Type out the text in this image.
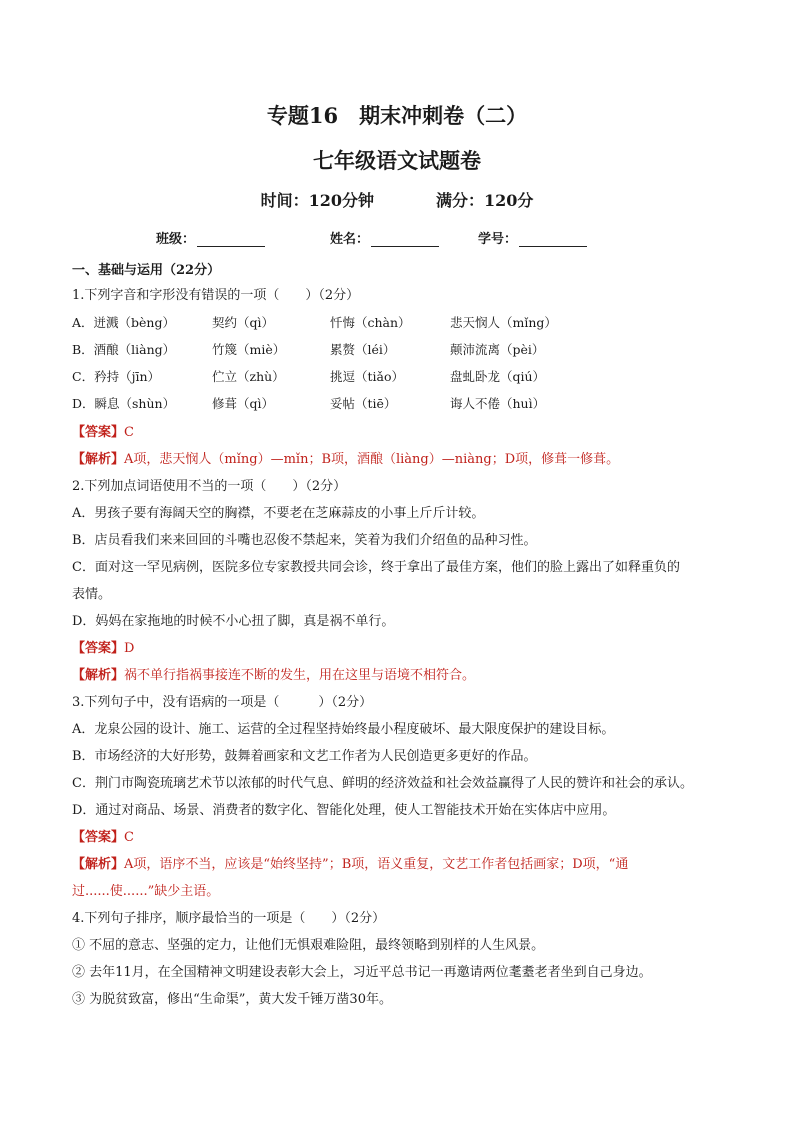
专题16　期末冲刺卷（二）
七年级语文试题卷
时间：120分钟	满分：120分
班级：	姓名：	学号：
一、基础与运用（22分）
1.下列字音和字形没有错误的一项（　　）（2分）
A．迸溅（bèng）	契约（qì）	忏悔（chàn）	悲天悯人（mǐng）
B．酒酿（liàng）	竹篾（miè）	累赘（léi）	颠沛流离（pèi）
C．矜持（jīn）	伫立（zhù）	挑逗（tiǎo）	盘虬卧龙（qiú）
D．瞬息（shùn）	修葺（qì）	妥帖（tiē）	诲人不倦（huì）
【答案】C
【解析】A项，悲天悯人（mǐng）—mǐn；B项，酒酿（liàng）—niàng；D项，修葺一修葺。
2.下列加点词语使用不当的一项（　　）（2分）
A．男孩子要有海阔天空的胸襟，不要老在芝麻蒜皮的小事上斤斤计较。
B．店员看我们来来回回的斗嘴也忍俊不禁起来，笑着为我们介绍鱼的品种习性。
C．面对这一罕见病例，医院多位专家教授共同会诊，终于拿出了最佳方案，他们的脸上露出了如释重负的
表情。
D．妈妈在家拖地的时候不小心扭了脚，真是祸不单行。
【答案】D
【解析】祸不单行指祸事接连不断的发生，用在这里与语境不相符合。
3.下列句子中，没有语病的一项是（　　　）（2分）
A．龙泉公园的设计、施工、运营的全过程坚持始终最小程度破坏、最大限度保护的建设目标。
B．市场经济的大好形势，鼓舞着画家和文艺工作者为人民创造更多更好的作品。
C．荆门市陶瓷琉璃艺术节以浓郁的时代气息、鲜明的经济效益和社会效益赢得了人民的赞许和社会的承认。
D．通过对商品、场景、消费者的数字化、智能化处理，使人工智能技术开始在实体店中应用。
【答案】C
【解析】A项，语序不当，应该是“始终坚持”；B项，语义重复，文艺工作者包括画家；D项，“通
过......使......”缺少主语。
4.下列句子排序，顺序最恰当的一项是（　　）（2分）
① 不屈的意志、坚强的定力，让他们无惧艰难险阻，最终领略到别样的人生风景。
② 去年11月，在全国精神文明建设表彰大会上，习近平总书记一再邀请两位耄耋老者坐到自己身边。
③ 为脱贫致富，修出“生命渠”，黄大发千锤万凿30年。
